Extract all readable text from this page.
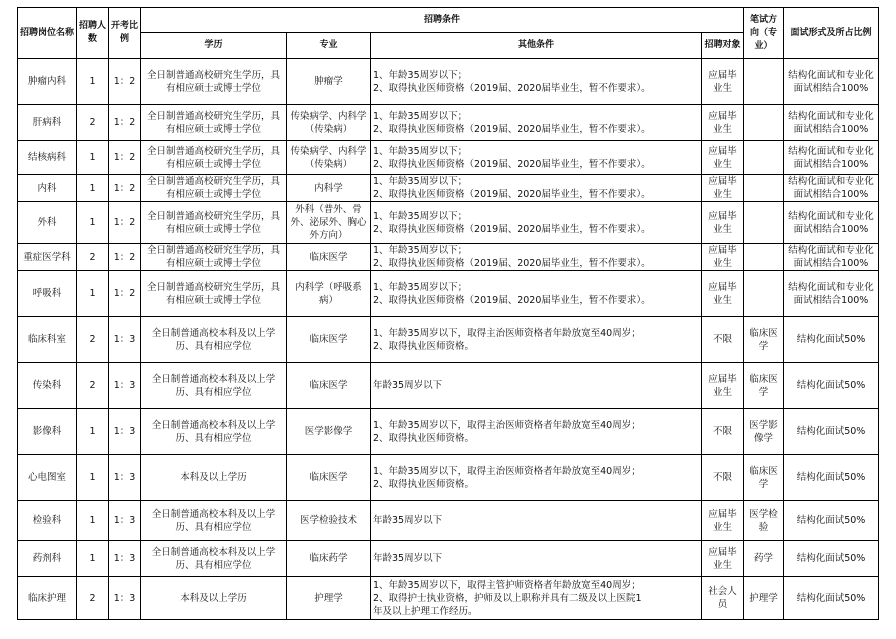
招聘岗位名称	招聘人数	开考比例	招聘条件				笔试方向（专业）	面试形式及所占比例
			学历	专业	其他条件	招聘对象		
肿瘤内科	1	1：2	全日制普通高校研究生学历，具有相应硕士或博士学位	肿瘤学	1、年龄35周岁以下；
2、取得执业医师资格（2019届、2020届毕业生，暂不作要求）。	应届毕业生		结构化面试和专业化面试相结合100%
肝病科	2	1：2	全日制普通高校研究生学历，具有相应硕士或博士学位	传染病学、内科学（传染病）	1、年龄35周岁以下；
2、取得执业医师资格（2019届、2020届毕业生，暂不作要求）。	应届毕业生		结构化面试和专业化面试相结合100%
结核病科	1	1：2	全日制普通高校研究生学历，具有相应硕士或博士学位	传染病学、内科学（传染病）	1、年龄35周岁以下；
2、取得执业医师资格（2019届、2020届毕业生，暂不作要求）。	应届毕业生		结构化面试和专业化面试相结合100%
内科	1	1：2	全日制普通高校研究生学历，具有相应硕士或博士学位	内科学	1、年龄35周岁以下；
2、取得执业医师资格（2019届、2020届毕业生，暂不作要求）。	应届毕业生		结构化面试和专业化面试相结合100%
外科	1	1：2	全日制普通高校研究生学历，具有相应硕士或博士学位	外科（普外、骨外、泌尿外、胸心外方向）	1、年龄35周岁以下；
2、取得执业医师资格（2019届、2020届毕业生，暂不作要求）。	应届毕业生		结构化面试和专业化面试相结合100%
重症医学科	2	1：2	全日制普通高校研究生学历，具有相应硕士或博士学位	临床医学	1、年龄35周岁以下；
2、取得执业医师资格（2019届、2020届毕业生，暂不作要求）。	应届毕业生		结构化面试和专业化面试相结合100%
呼吸科	1	1：2	全日制普通高校研究生学历，具有相应硕士或博士学位	内科学（呼吸系病）	1、年龄35周岁以下；
2、取得执业医师资格（2019届、2020届毕业生，暂不作要求）。	应届毕业生		结构化面试和专业化面试相结合100%
临床科室	2	1：3	全日制普通高校本科及以上学历、具有相应学位	临床医学	1、年龄35周岁以下，取得主治医师资格者年龄放宽至40周岁；
2、取得执业医师资格。	不限	临床医学	结构化面试50%
传染科	2	1：3	全日制普通高校本科及以上学历、具有相应学位	临床医学	年龄35周岁以下	应届毕业生	临床医学	结构化面试50%
影像科	1	1：3	全日制普通高校本科及以上学历、具有相应学位	医学影像学	1、年龄35周岁以下，取得主治医师资格者年龄放宽至40周岁；
2、取得执业医师资格。	不限	医学影像学	结构化面试50%
心电图室	1	1：3	本科及以上学历	临床医学	1、年龄35周岁以下，取得主治医师资格者年龄放宽至40周岁；
2、取得执业医师资格。	不限	临床医学	结构化面试50%
检验科	1	1：3	全日制普通高校本科及以上学历、具有相应学位	医学检验技术	年龄35周岁以下	应届毕业生	医学检验	结构化面试50%
药剂科	1	1：3	全日制普通高校本科及以上学历、具有相应学位	临床药学	年龄35周岁以下	应届毕业生	药学	结构化面试50%
临床护理	2	1：3	本科及以上学历	护理学	1、年龄35周岁以下，取得主管护师资格者年龄放宽至40周岁；
2、取得护士执业资格，护师及以上职称并具有二级及以上医院1
年及以上护理工作经历。	社会人员	护理学	结构化面试50%
